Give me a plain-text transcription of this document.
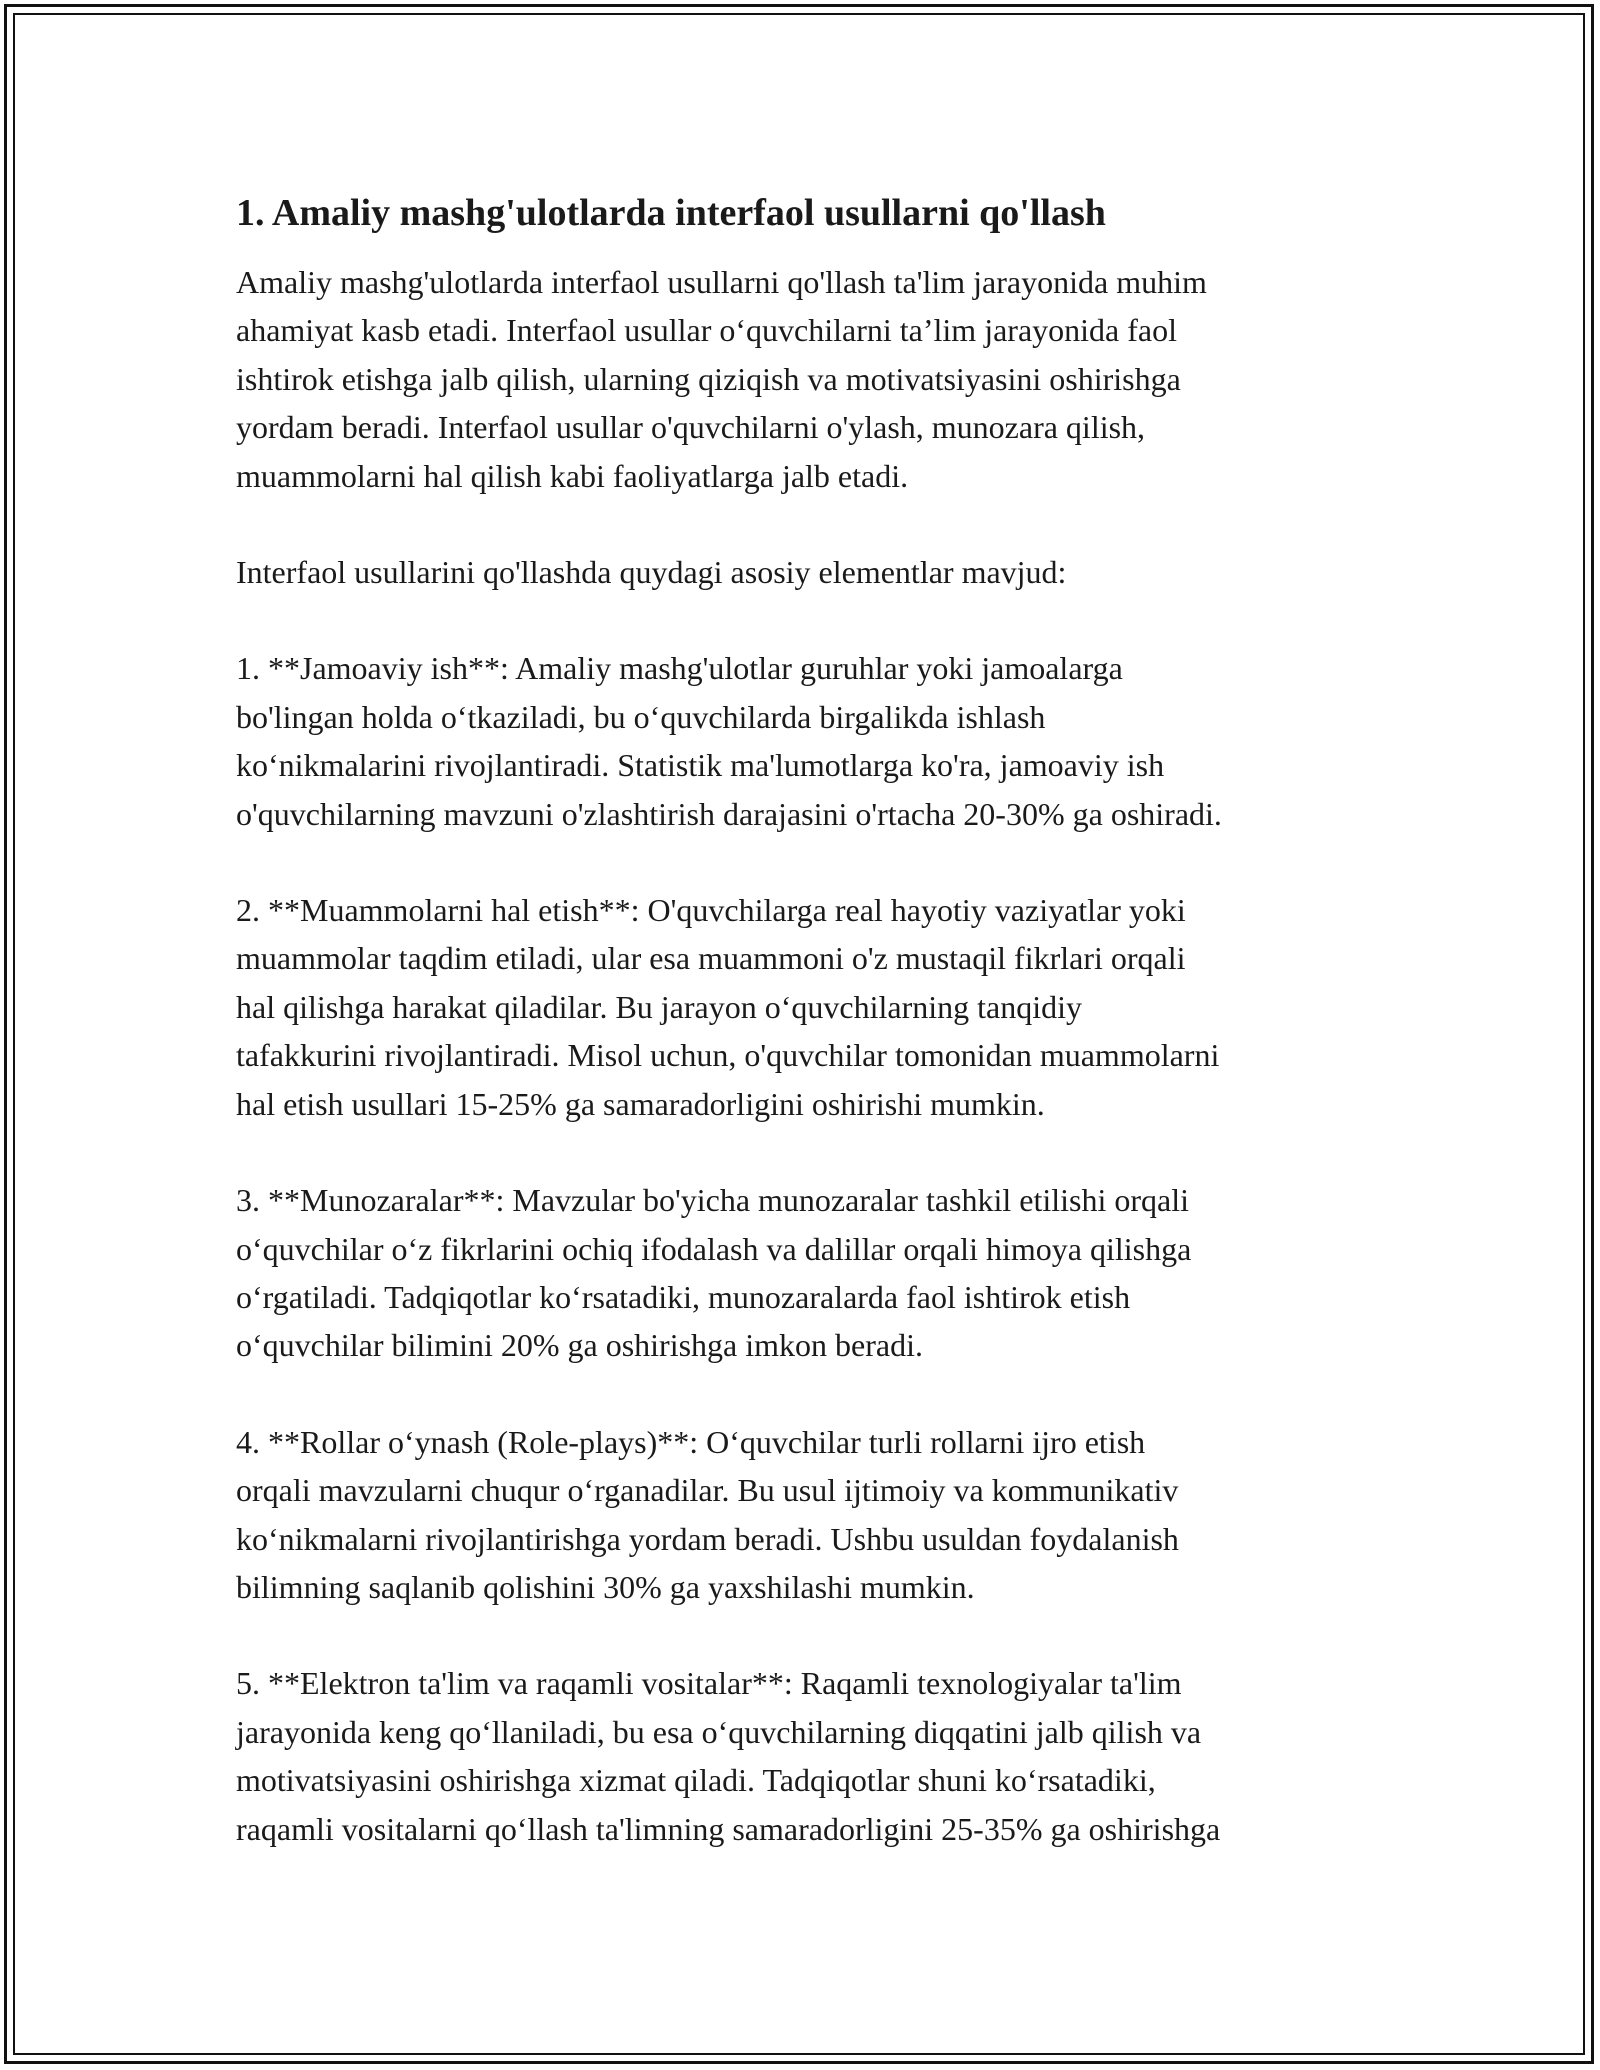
1. Amaliy mashg'ulotlarda interfaol usullarni qo'llash

Amaliy mashg'ulotlarda interfaol usullarni qo'llash ta'lim jarayonida muhim
ahamiyat kasb etadi. Interfaol usullar o‘quvchilarni ta’lim jarayonida faol
ishtirok etishga jalb qilish, ularning qiziqish va motivatsiyasini oshirishga
yordam beradi. Interfaol usullar o'quvchilarni o'ylash, munozara qilish,
muammolarni hal qilish kabi faoliyatlarga jalb etadi.

Interfaol usullarini qo'llashda quydagi asosiy elementlar mavjud:

1. **Jamoaviy ish**: Amaliy mashg'ulotlar guruhlar yoki jamoalarga
bo'lingan holda o‘tkaziladi, bu o‘quvchilarda birgalikda ishlash
ko‘nikmalarini rivojlantiradi. Statistik ma'lumotlarga ko'ra, jamoaviy ish
o'quvchilarning mavzuni o'zlashtirish darajasini o'rtacha 20-30% ga oshiradi.

2. **Muammolarni hal etish**: O'quvchilarga real hayotiy vaziyatlar yoki
muammolar taqdim etiladi, ular esa muammoni o'z mustaqil fikrlari orqali
hal qilishga harakat qiladilar. Bu jarayon o‘quvchilarning tanqidiy
tafakkurini rivojlantiradi. Misol uchun, o'quvchilar tomonidan muammolarni
hal etish usullari 15-25% ga samaradorligini oshirishi mumkin.

3. **Munozaralar**: Mavzular bo'yicha munozaralar tashkil etilishi orqali
o‘quvchilar o‘z fikrlarini ochiq ifodalash va dalillar orqali himoya qilishga
o‘rgatiladi. Tadqiqotlar ko‘rsatadiki, munozaralarda faol ishtirok etish
o‘quvchilar bilimini 20% ga oshirishga imkon beradi.

4. **Rollar o‘ynash (Role-plays)**: O‘quvchilar turli rollarni ijro etish
orqali mavzularni chuqur o‘rganadilar. Bu usul ijtimoiy va kommunikativ
ko‘nikmalarni rivojlantirishga yordam beradi. Ushbu usuldan foydalanish
bilimning saqlanib qolishini 30% ga yaxshilashi mumkin.

5. **Elektron ta'lim va raqamli vositalar**: Raqamli texnologiyalar ta'lim
jarayonida keng qo‘llaniladi, bu esa o‘quvchilarning diqqatini jalb qilish va
motivatsiyasini oshirishga xizmat qiladi. Tadqiqotlar shuni ko‘rsatadiki,
raqamli vositalarni qo‘llash ta'limning samaradorligini 25-35% ga oshirishga
